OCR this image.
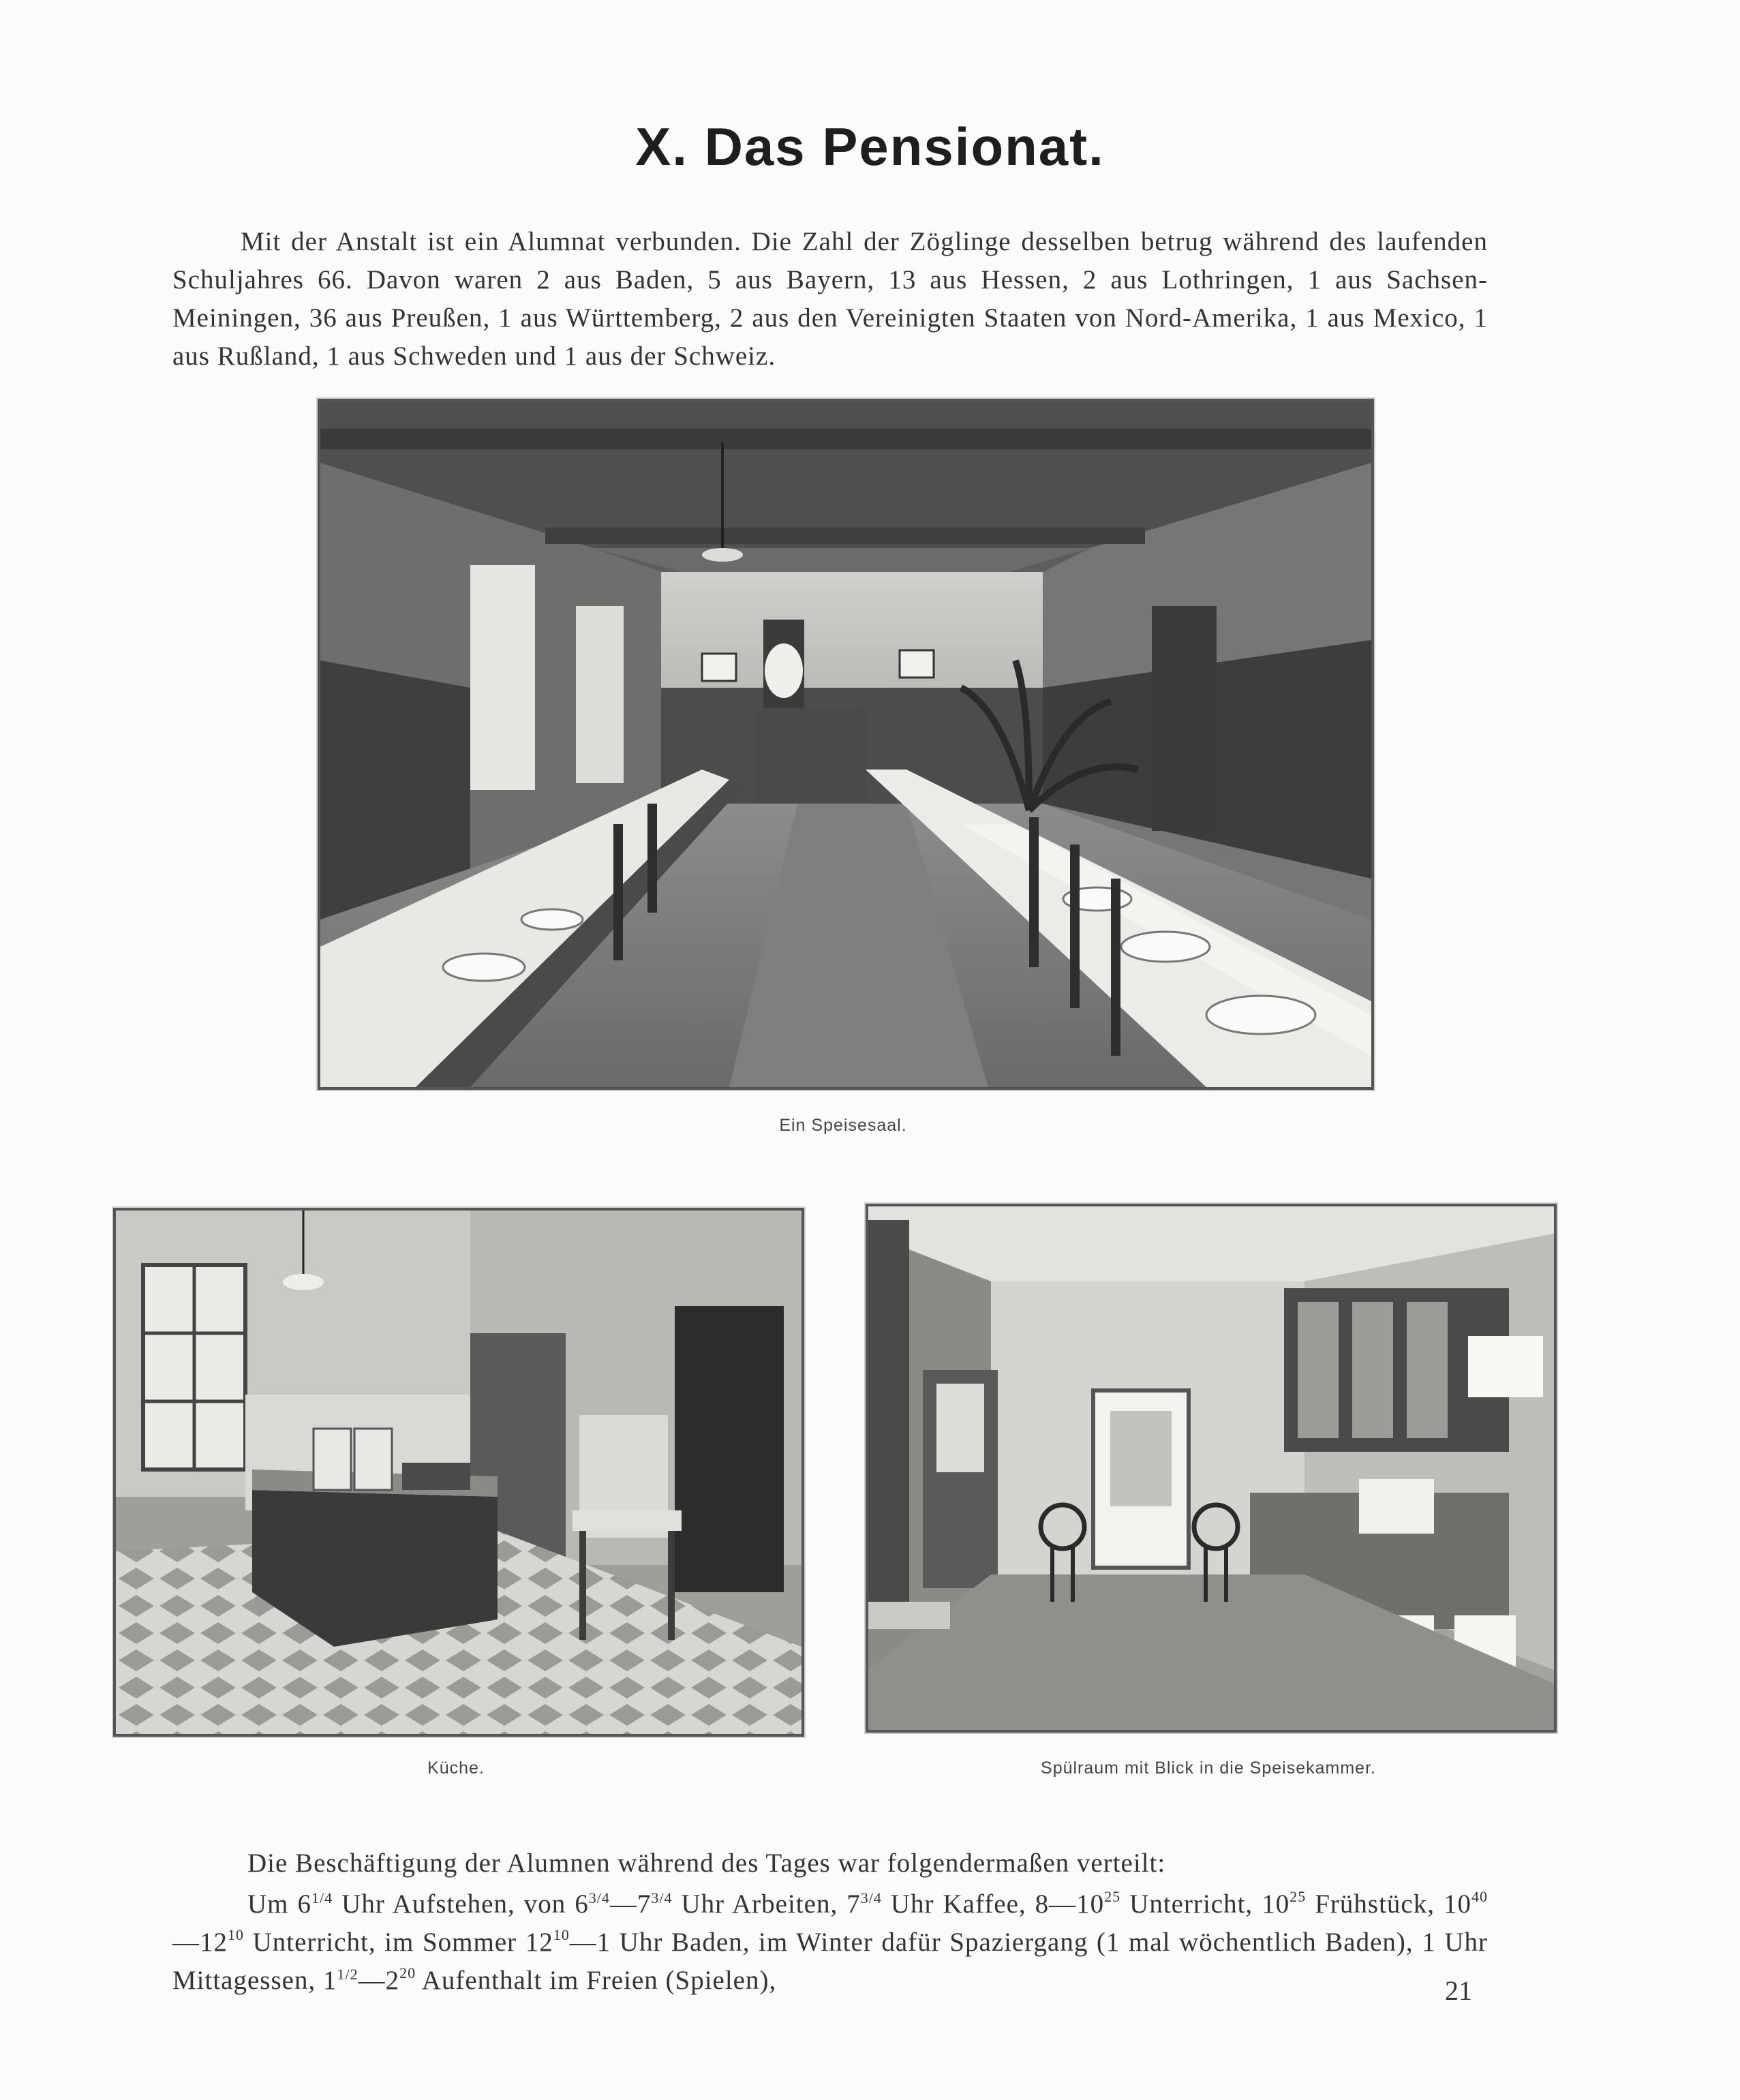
X. Das Pensionat.

Mit der Anstalt ist ein Alumnat verbunden. Die Zahl der Zöglinge desselben betrug während des laufenden Schuljahres 66. Davon waren 2 aus Baden, 5 aus Bayern, 13 aus Hessen, 2 aus Lothringen, 1 aus Sachsen-Meiningen, 36 aus Preußen, 1 aus Württemberg, 2 aus den Vereinigten Staaten von Nord-Amerika, 1 aus Mexico, 1 aus Rußland, 1 aus Schweden und 1 aus der Schweiz.

Ein Speisesaal.
Küche.	Spülraum mit Blick in die Speisekammer.

Die Beschäftigung der Alumnen während des Tages war folgendermaßen verteilt:

Um $6^{1/4}$ Uhr Aufstehen, von $6^{3/4}—7^{3/4}$ Uhr Arbeiten, $7^{3/4}$ Uhr Kaffee, $8—10^{25}$ Unterricht, $10^{25}$ Frühstück, $10^{40}—12^{10}$ Unterricht, im Sommer $12^{10}—1$ Uhr Baden, im Winter dafür Spaziergang (1 mal wöchentlich Baden), 1 Uhr Mittagessen, $1^{1/2}—2^{20}$ Aufenthalt im Freien (Spielen),	21
